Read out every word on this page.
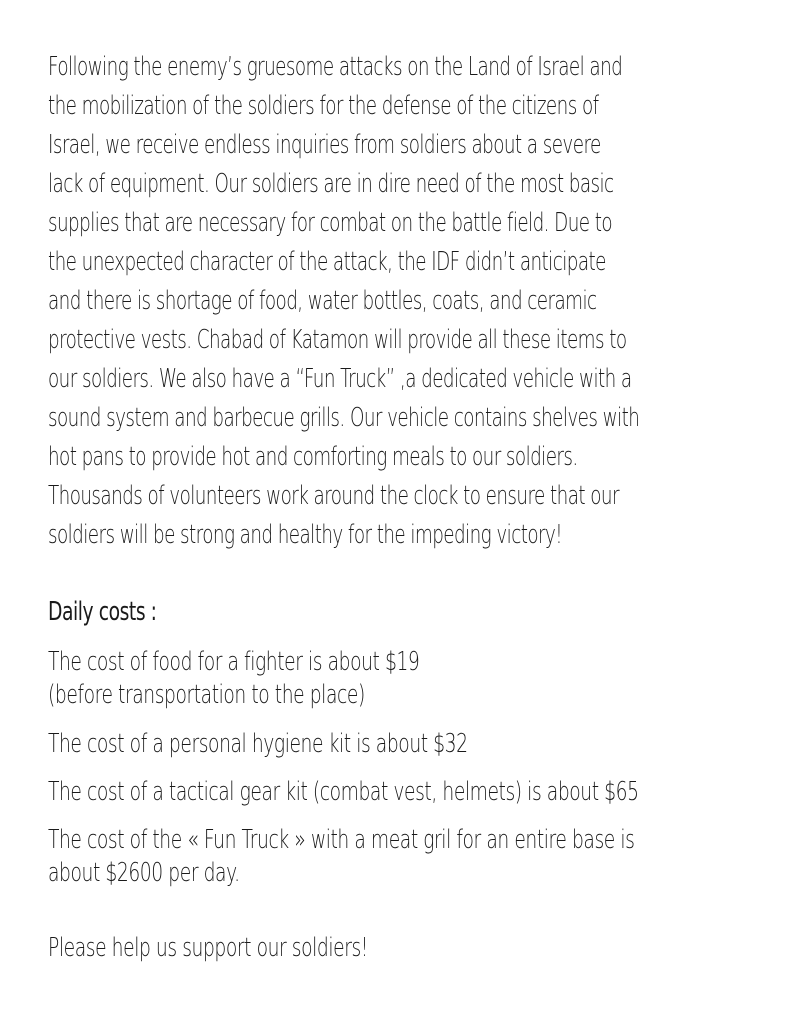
Following the enemy’s gruesome attacks on the Land of Israel and
the mobilization of the soldiers for the defense of the citizens of
Israel, we receive endless inquiries from soldiers about a severe
lack of equipment. Our soldiers are in dire need of the most basic
supplies that are necessary for combat on the battle field. Due to
the unexpected character of the attack, the IDF didn’t anticipate
and there is shortage of food, water bottles, coats, and ceramic
protective vests. Chabad of Katamon will provide all these items to
our soldiers. We also have a “Fun Truck” ,a dedicated vehicle with a
sound system and barbecue grills. Our vehicle contains shelves with
hot pans to provide hot and comforting meals to our soldiers.
Thousands of volunteers work around the clock to ensure that our
soldiers will be strong and healthy for the impeding victory!

Daily costs :

The cost of food for a fighter is about $19
(before transportation to the place)

The cost of a personal hygiene kit is about $32

The cost of a tactical gear kit (combat vest, helmets) is about $65

The cost of the « Fun Truck » with a meat gril for an entire base is
about $2600 per day.

Please help us support our soldiers!
